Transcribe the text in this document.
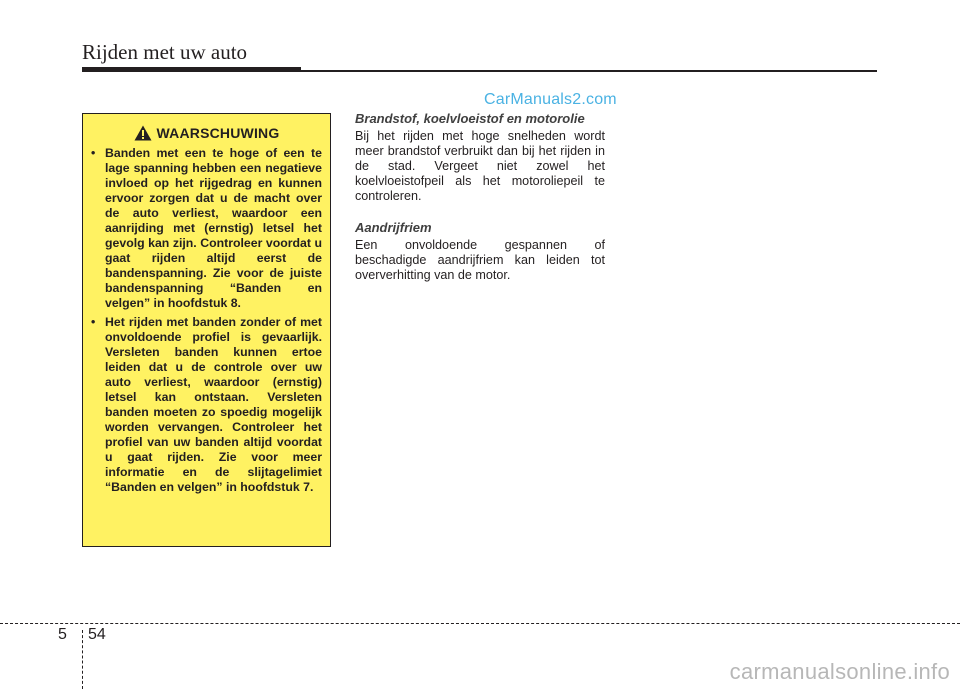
Rijden met uw auto
CarManuals2.com
WAARSCHUWING
• Banden met een te hoge of een te lage spanning hebben een negatieve invloed op het rijgedrag en kunnen ervoor zorgen dat u de macht over de auto verliest, waardoor een aanrijding met (ernstig) letsel het gevolg kan zijn. Controleer voordat u gaat rijden altijd eerst de bandenspanning. Zie voor de juiste bandenspanning “Banden en velgen” in hoofdstuk 8.
• Het rijden met banden zonder of met onvoldoende profiel is gevaarlijk. Versleten banden kunnen ertoe leiden dat u de controle over uw auto verliest, waardoor (ernstig) letsel kan ontstaan. Versleten banden moeten zo spoedig mogelijk worden vervangen. Controleer het profiel van uw banden altijd voordat u gaat rijden. Zie voor meer informatie en de slijtagelimiet “Banden en velgen” in hoofdstuk 7.

Brandstof, koelvloeistof en motorolie

Bij het rijden met hoge snelheden wordt meer brandstof verbruikt dan bij het rijden in de stad. Vergeet niet zowel het koelvloeistofpeil als het motoroliepeil te controleren.

Aandrijfriem

Een onvoldoende gespannen of beschadigde aandrijfriem kan leiden tot oververhitting van de motor.

5 54
carmanualsonline.info
